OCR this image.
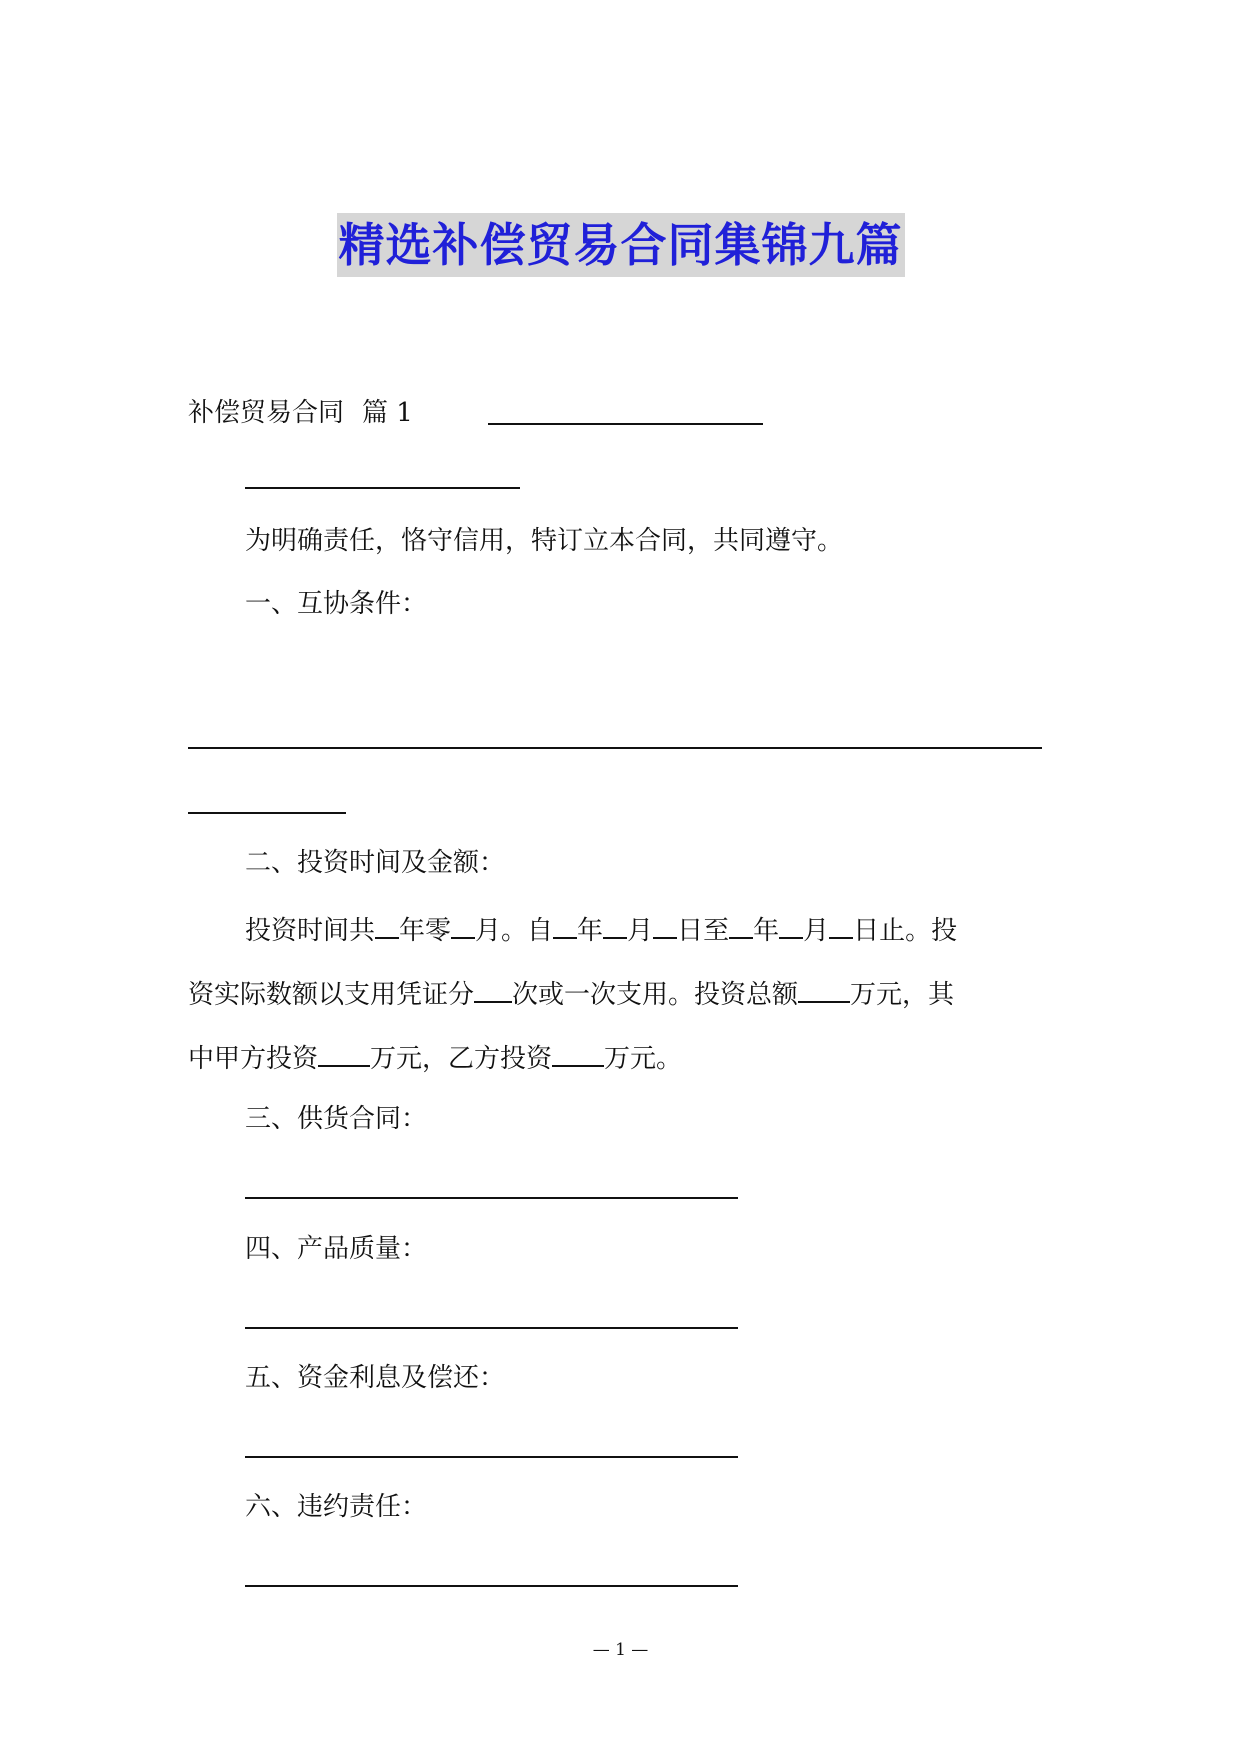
精选补偿贸易合同集锦九篇
补偿贸易合同 篇 1
为明确责任，恪守信用，特订立本合同，共同遵守。
一、互协条件：
二、投资时间及金额：
投资时间共 年零 月。自 年 月 日至 年 月 日止。投
资实际数额以支用凭证分 次或一次支用。投资总额 万元，其
中甲方投资 万元，乙方投资 万元。
三、供货合同：
四、产品质量：
五、资金利息及偿还：
六、违约责任：
— 1 —
